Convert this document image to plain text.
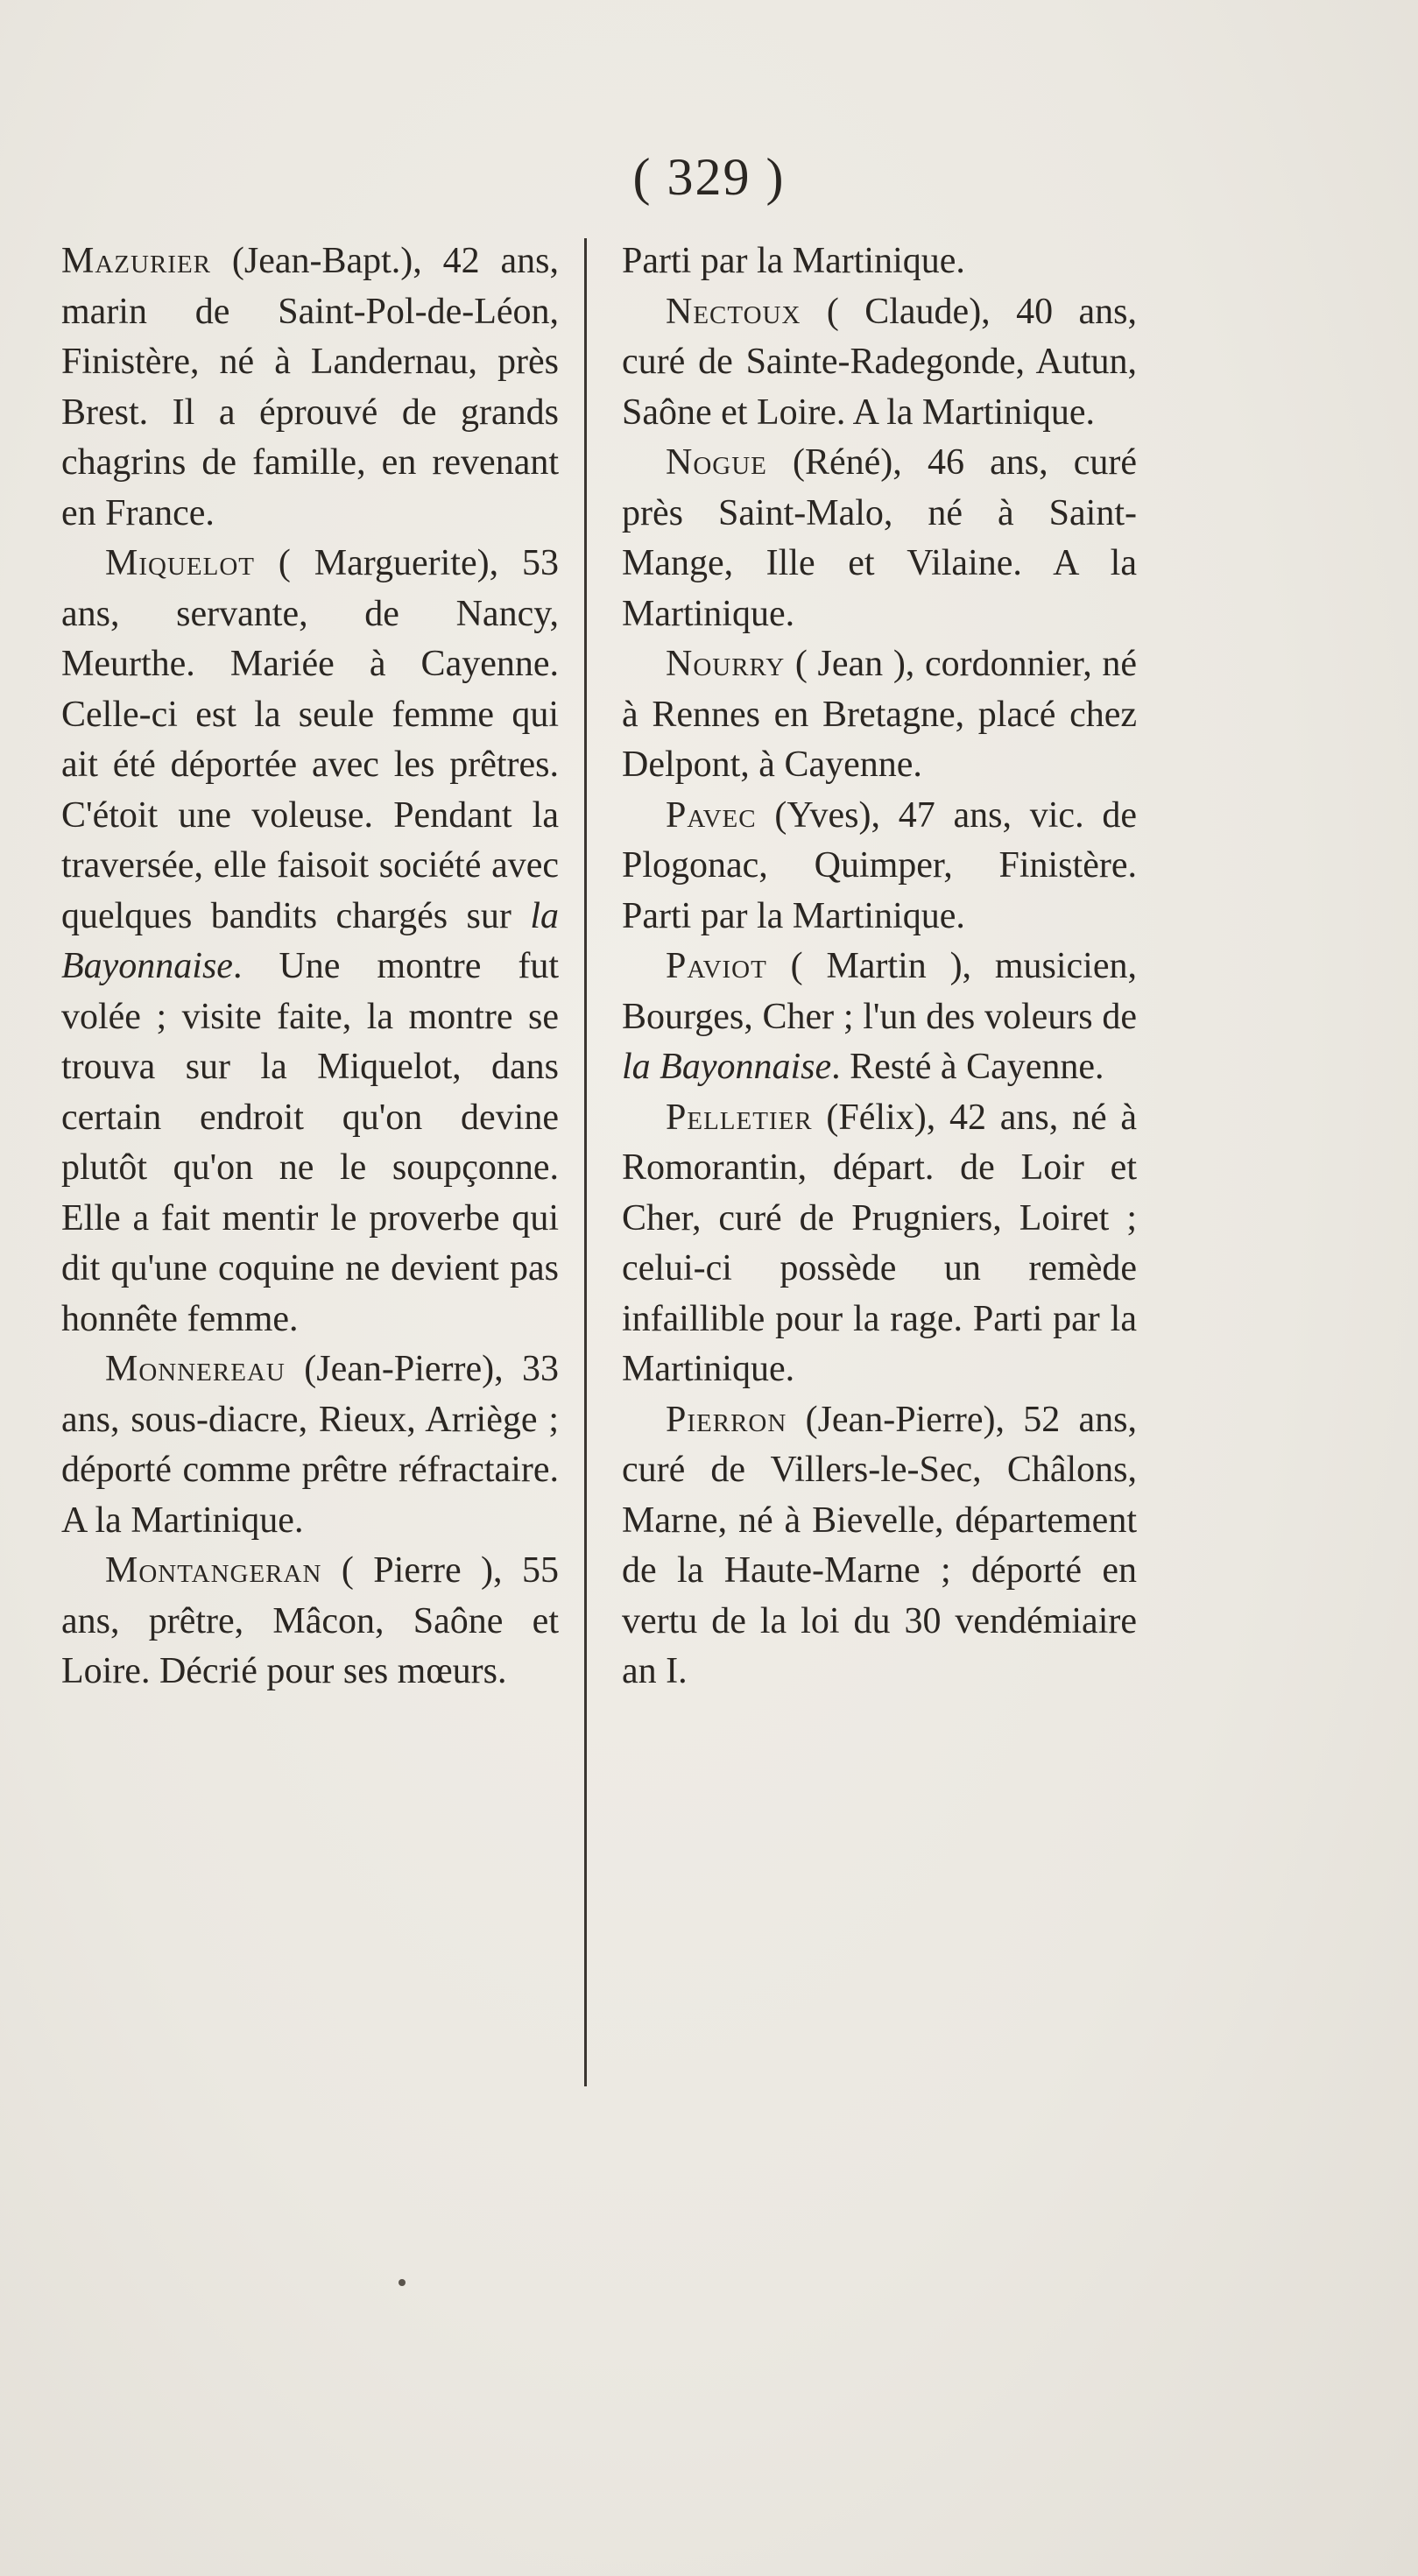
( 329 )

Mazurier (Jean-Bapt.), 42 ans, marin de Saint-Pol-de-Léon, Finistère, né à Landernau, près Brest. Il a éprouvé de grands chagrins de famille, en revenant en France.

Miquelot ( Marguerite), 53 ans, servante, de Nancy, Meurthe. Mariée à Cayenne. Celle-ci est la seule femme qui ait été déportée avec les prêtres. C'étoit une voleuse. Pendant la traversée, elle faisoit société avec quelques bandits chargés sur la Bayonnaise. Une montre fut volée ; visite faite, la montre se trouva sur la Miquelot, dans certain endroit qu'on devine plutôt qu'on ne le soupçonne. Elle a fait mentir le proverbe qui dit qu'une coquine ne devient pas honnête femme.

Monnereau (Jean-Pierre), 33 ans, sous-diacre, Rieux, Arriège ; déporté comme prêtre réfractaire. A la Martinique.

Montangeran ( Pierre ), 55 ans, prêtre, Mâcon, Saône et Loire. Décrié pour ses mœurs.

Parti par la Martinique.

Nectoux ( Claude), 40 ans, curé de Sainte-Radegonde, Autun, Saône et Loire. A la Martinique.

Nogue (Réné), 46 ans, curé près Saint-Malo, né à Saint-Mange, Ille et Vilaine. A la Martinique.

Nourry ( Jean ), cordonnier, né à Rennes en Bretagne, placé chez Delpont, à Cayenne.

Pavec (Yves), 47 ans, vic. de Plogonac, Quimper, Finistère. Parti par la Martinique.

Paviot ( Martin ), musicien, Bourges, Cher ; l'un des voleurs de la Bayonnaise. Resté à Cayenne.

Pelletier (Félix), 42 ans, né à Romorantin, départ. de Loir et Cher, curé de Prugniers, Loiret ; celui-ci possède un remède infaillible pour la rage. Parti par la Martinique.

Pierron (Jean-Pierre), 52 ans, curé de Villers-le-Sec, Châlons, Marne, né à Bievelle, département de la Haute-Marne ; déporté en vertu de la loi du 30 vendémiaire an I.
